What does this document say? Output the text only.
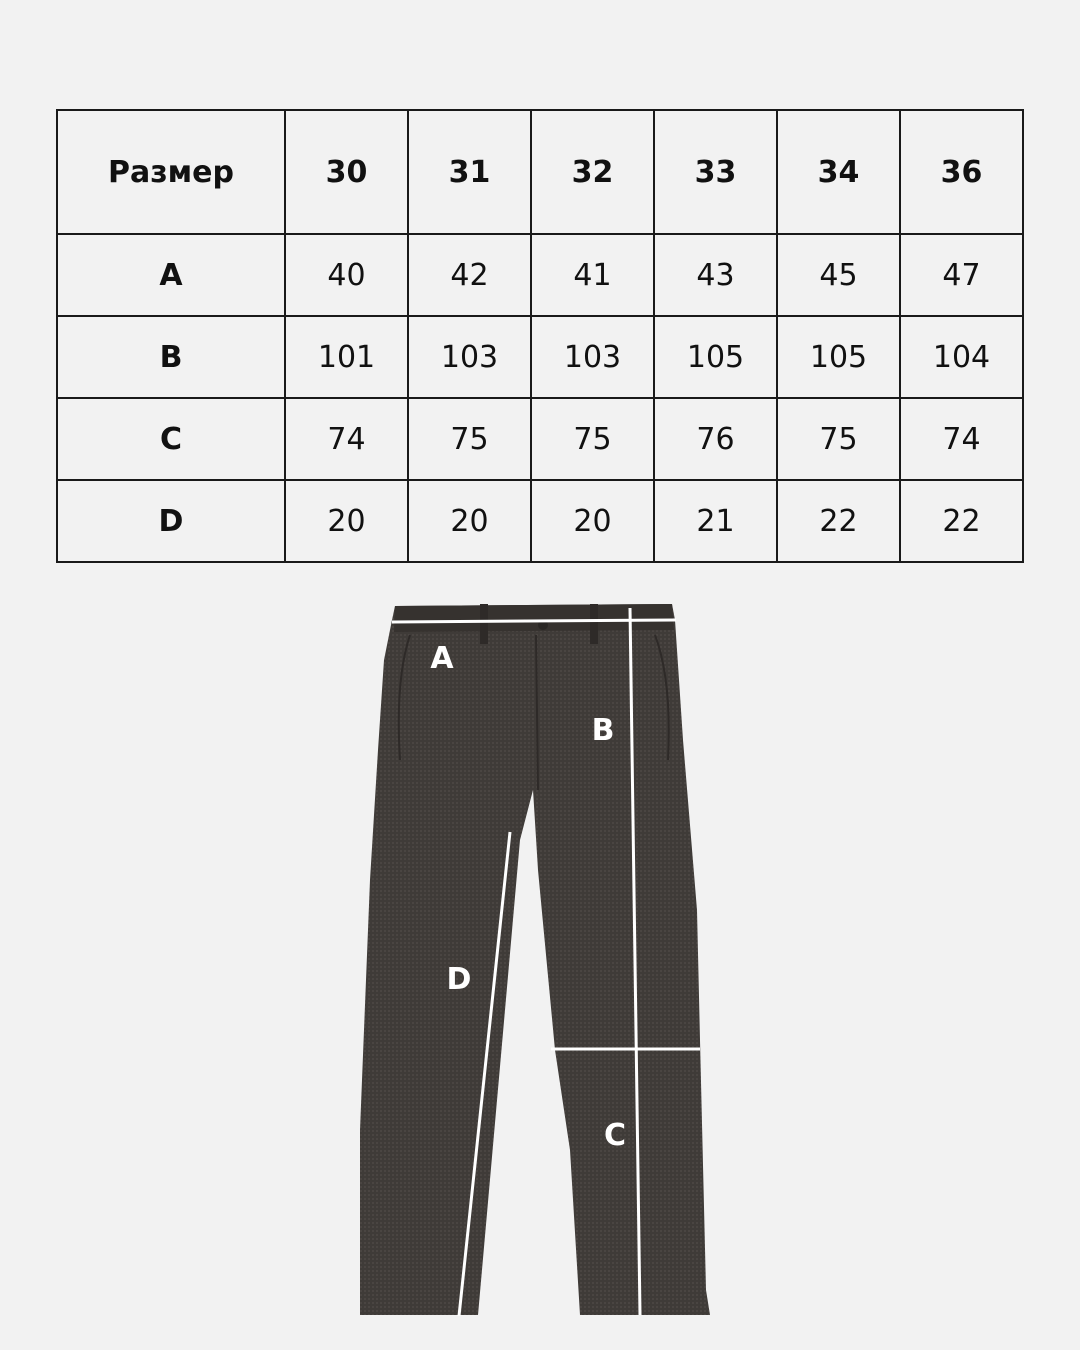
Размер	30	31	32	33	34	36
A	40	42	41	43	45	47
B	101	103	103	105	105	104
C	74	75	75	76	75	74
D	20	20	20	21	22	22
A
B
C
D
